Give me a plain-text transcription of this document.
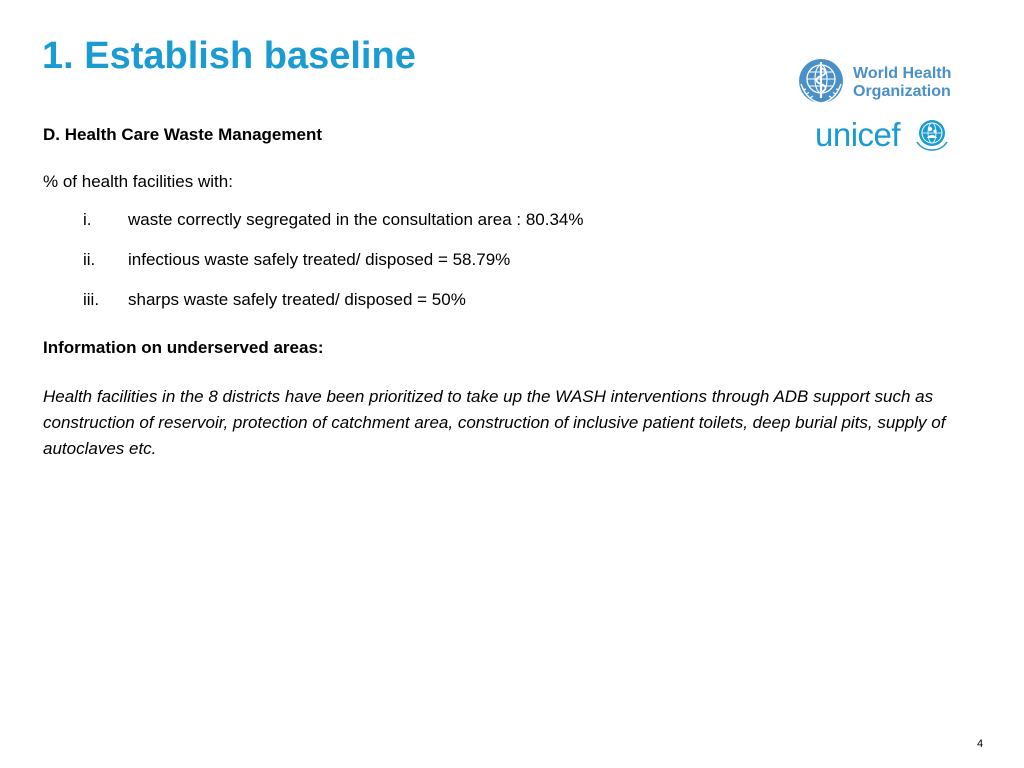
1. Establish baseline	World Health
Organization
unicef

D. Health Care Waste Management

% of health facilities with:

i. waste correctly segregated in the consultation area : 80.34%
ii. infectious waste safely treated/ disposed = 58.79%
iii. sharps waste safely treated/ disposed = 50%

Information on underserved areas:

Health facilities in the 8 districts have been prioritized to take up the WASH interventions through ADB support such as construction of reservoir, protection of catchment area, construction of inclusive patient toilets, deep burial pits, supply of autoclaves etc.

4
